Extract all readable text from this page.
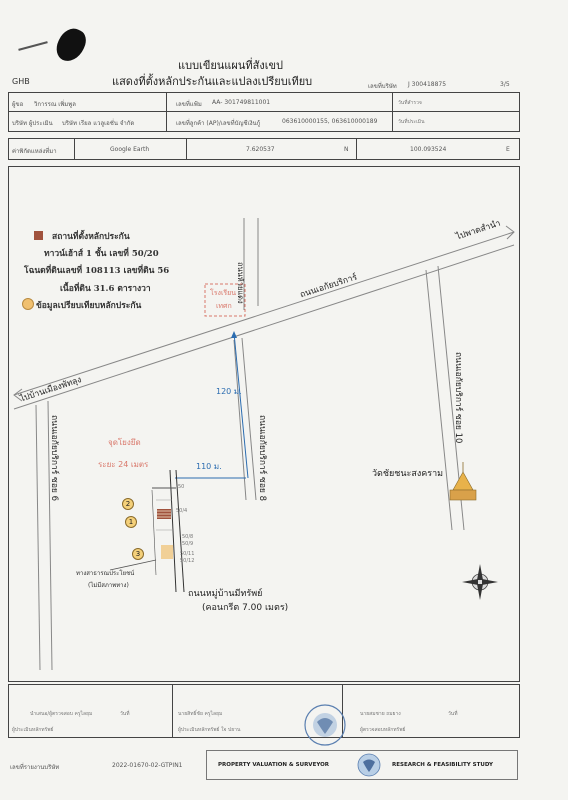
GHB
แบบเขียนแผนที่สังเขป
แสดงที่ตั้งหลักประกันและแปลงเปรียบเทียบ	เลขที่บริษัท J 300418875	3/5
ผู้ขอ วิการรณ เพิ่มพูล	เลขที่แฟ้ม AA- 301749811001	วันที่สำรวจ
บริษัท ผู้ประเมิน บริษัท เรียล แวลูเอชั่น จำกัด	เลขที่ลูกค้า (AP)/เลขที่บัญชีเงินกู้	063610000155, 063610000189	วันที่ประเมิน
ค่าพิกัดแหล่งที่มา	Google Earth	7.620537	N	100.093524	E
สถานที่ตั้งหลักประกัน
ทาวน์เฮ้าส์ 1 ชั้น เลขที่ 50/20
โฉนดที่ดินเลขที่ 108113 เลขที่ดิน 56
เนื้อที่ดิน 31.6 ตารางวา
ข้อมูลเปรียบเทียบหลักประกัน
ถนนเอกัยบริการ์
ไปพาดสำนำ
ไปบ้านเมืองพัทลุง
ถนนห้วยแดง
ถนนเอกัยบริการ์ ซอย 6	ถนนเอกัยบริการ์ ซอย 8
ถนนเอกัยบริการ์ ซอย 10
วัดชัยชนะสงคราม
ถนนหมู่บ้านมีทรัพย์
(คอนกรีต 7.00 เมตร)
120 ม.
110 ม.
จุดโยงยึด
ระยะ 24 เมตร
โรงเรียน
เทศก
ทางสาธารณประโยชน์
(ไม่มีสภาพทาง)
50
50/4
50/8
50/9
50/11
50/12
2
1
3
นำเสนอ/ผู้ตรวจสอบ ครูไลยุม	วันที่
ผู้ประเมินหลักทรัพย์
นายสิทธิ์ชัย ครูไลยุม
ผู้ประเมินหลักทรัพย์ ใจ ปยาน
นายสมชาย ถมยาง	วันที่
ผู้ตรวจสอบหลักทรัพย์
เลขที่รายงานบริษัท	2022-01670-02-GTPIN1	PROPERTY VALUATION & SURVEYOR	RESEARCH & FEASIBILITY STUDY
